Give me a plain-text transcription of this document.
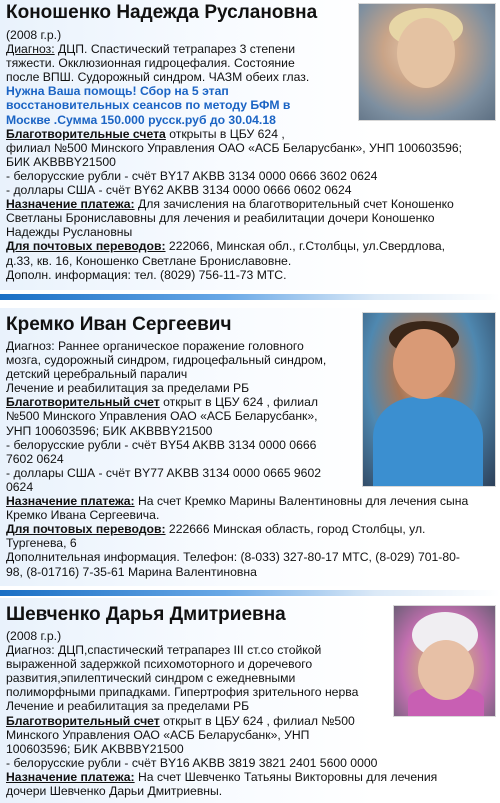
Коношенко Надежда Руслановна

(2008 г.р.)

Диагноз: ДЦП. Спастический тетрапарез 3 степени

тяжести. Окклюзионная гидроцефалия. Состояние

после ВПШ. Судорожный синдром. ЧАЗМ обеих глаз.

Нужна Ваша помощь! Сбор на 5 этап

восстановительных сеансов по методу БФМ в

Москве .Сумма 150.000 русск.руб до 30.04.18

Благотворительные счета открыты в ЦБУ 624 ,

филиал №500 Минского Управления ОАО «АСБ Беларусбанк», УНП 100603596;

БИК AKBBBY21500

- белорусские рубли - счёт BY17 AKBB 3134 0000 0666 3602 0624

- доллары США - счёт BY62 AKBB 3134 0000 0666 0602 0624

Назначение платежа: Для зачисления на благотворительный счет Коношенко

Светланы Брониславовны для лечения и реабилитации дочери Коношенко

Надежды Руслановны

Для почтовых переводов: 222066, Минская обл., г.Столбцы, ул.Свердлова,

д.33, кв. 16, Коношенко Светлане Брониславовне.

Дополн. информация: тел. (8029) 756-11-73 МТС.

Кремко Иван Сергеевич

Диагноз: Раннее органическое поражение головного

мозга, судорожный синдром, гидроцефальный синдром,

детский церебральный паралич

Лечение и реабилитация за пределами РБ

Благотворительный счет открыт в ЦБУ 624 , филиал

№500 Минского Управления ОАО «АСБ Беларусбанк»,

УНП 100603596; БИК AKBBBY21500

- белорусские рубли - счёт BY54 AKBB 3134 0000 0666

7602 0624

- доллары США - счёт BY77 AKBB 3134 0000 0665 9602

0624

Назначение платежа: На счет Кремко Марины Валентиновны для лечения сына

Кремко Ивана Сергеевича.

Для почтовых переводов: 222666 Минская область, город Столбцы, ул.

Тургенева, 6

Дополнительная информация. Телефон: (8-033) 327-80-17 МТС, (8-029) 701-80-

98, (8-01716) 7-35-61 Марина Валентиновна

Шевченко Дарья Дмитриевна

(2008 г.р.)

Диагноз: ДЦП,спастический тетрапарез III ст.со стойкой

выраженной задержкой психомоторного и доречевого

развития,эпилептический синдром с ежедневными

полиморфными припадками. Гипертрофия зрительного нерва

Лечение и реабилитация за пределами РБ

Благотворительный счет открыт в ЦБУ 624 , филиал №500

Минского Управления ОАО «АСБ Беларусбанк», УНП

100603596; БИК AKBBBY21500

- белорусские рубли - счёт BY16 AKBB 3819 3821 2401 5600 0000

Назначение платежа: На счет Шевченко Татьяны Викторовны для лечения

дочери Шевченко Дарьи Дмитриевны.
